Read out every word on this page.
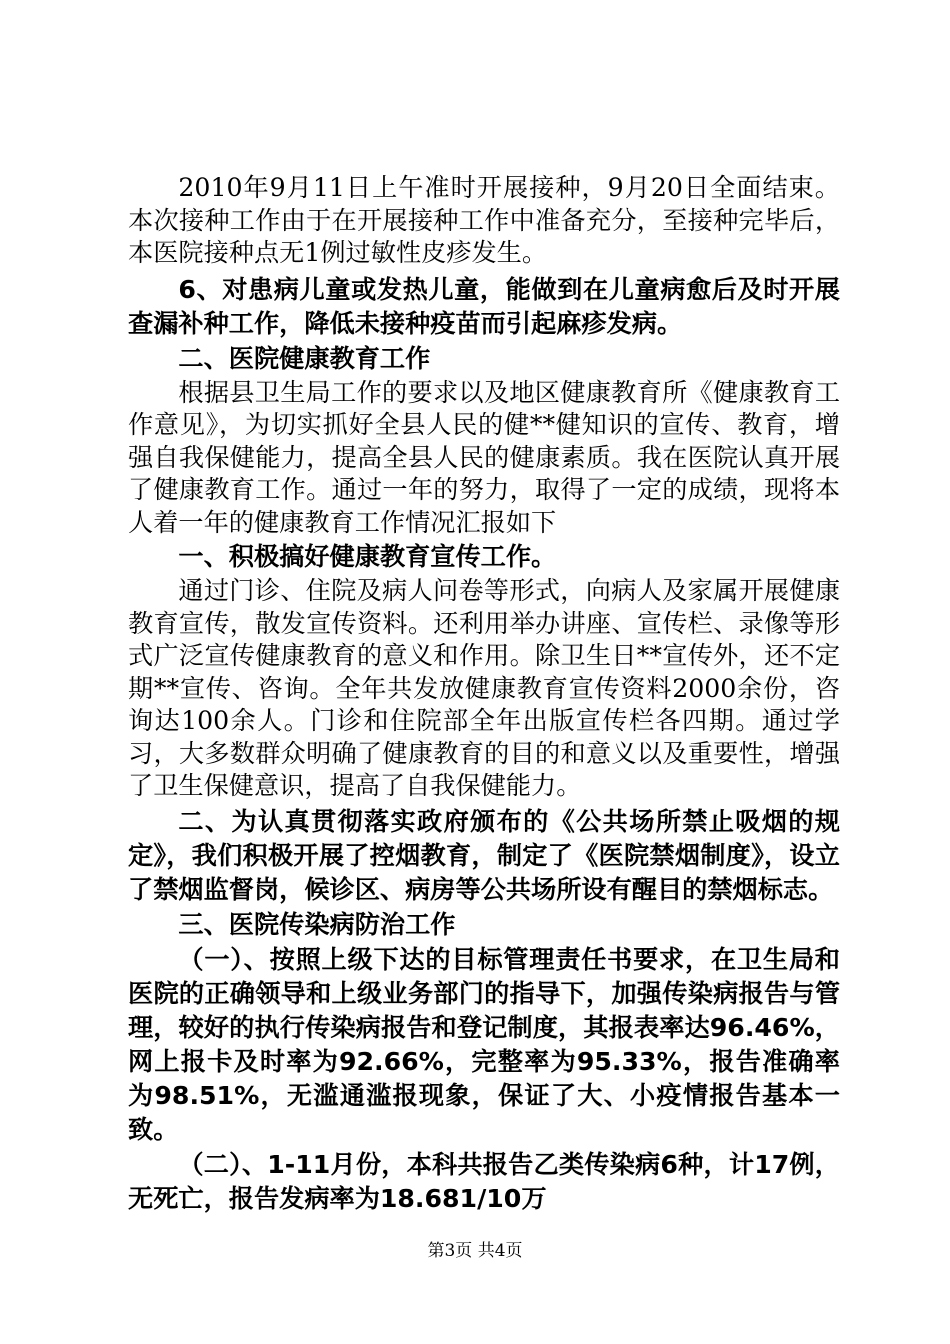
2010年9月11日上午准时开展接种，9月20日全面结束。本次接种工作由于在开展接种工作中准备充分，至接种完毕后，本医院接种点无1例过敏性皮疹发生。

6、对患病儿童或发热儿童，能做到在儿童病愈后及时开展查漏补种工作，降低未接种疫苗而引起麻疹发病。

二、医院健康教育工作

根据县卫生局工作的要求以及地区健康教育所《健康教育工作意见》，为切实抓好全县人民的健**健知识的宣传、教育，增强自我保健能力，提高全县人民的健康素质。我在医院认真开展了健康教育工作。通过一年的努力，取得了一定的成绩，现将本人着一年的健康教育工作情况汇报如下

一、积极搞好健康教育宣传工作。

通过门诊、住院及病人问卷等形式，向病人及家属开展健康教育宣传，散发宣传资料。还利用举办讲座、宣传栏、录像等形式广泛宣传健康教育的意义和作用。除卫生日**宣传外，还不定期**宣传、咨询。全年共发放健康教育宣传资料2000余份，咨询达100余人。门诊和住院部全年出版宣传栏各四期。通过学习，大多数群众明确了健康教育的目的和意义以及重要性，增强了卫生保健意识，提高了自我保健能力。

二、为认真贯彻落实政府颁布的《公共场所禁止吸烟的规定》，我们积极开展了控烟教育，制定了《医院禁烟制度》，设立了禁烟监督岗，候诊区、病房等公共场所设有醒目的禁烟标志。

三、医院传染病防治工作

（一）、按照上级下达的目标管理责任书要求，在卫生局和医院的正确领导和上级业务部门的指导下，加强传染病报告与管理，较好的执行传染病报告和登记制度，其报表率达96.46%，网上报卡及时率为92.66%，完整率为95.33%，报告准确率为98.51%，无滥通滥报现象，保证了大、小疫情报告基本一致。

（二）、1-11月份，本科共报告乙类传染病6种，计17例，无死亡，报告发病率为18.681/10万

第3页 共4页
